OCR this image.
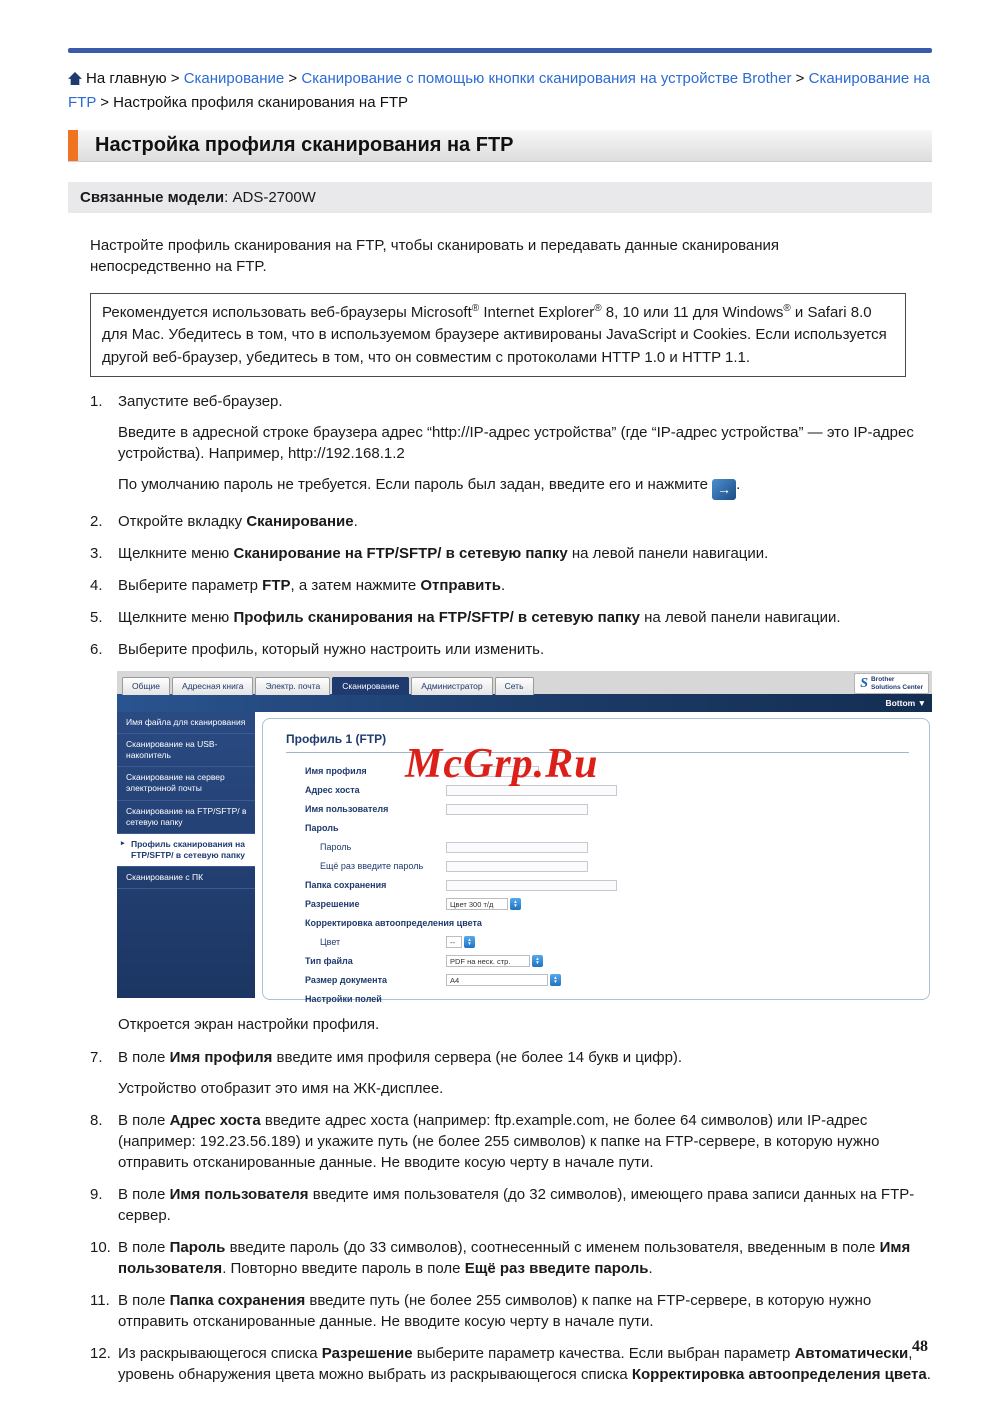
На главную > Сканирование > Сканирование с помощью кнопки сканирования на устройстве Brother > Сканирование на FTP > Настройка профиля сканирования на FTP
Настройка профиля сканирования на FTP
Связанные модели: ADS-2700W

Настройте профиль сканирования на FTP, чтобы сканировать и передавать данные сканирования непосредственно на FTP.

Рекомендуется использовать веб-браузеры Microsoft® Internet Explorer® 8, 10 или 11 для Windows® и Safari 8.0 для Mac. Убедитесь в том, что в используемом браузере активированы JavaScript и Cookies. Если используется другой веб-браузер, убедитесь в том, что он совместим с протоколами HTTP 1.0 и HTTP 1.1.
1.	Запустите веб-браузер.

Введите в адресной строке браузера адрес “http://IP-адрес устройства” (где “IP-адрес устройства” — это IP-адрес устройства). Например, http://192.168.1.2

По умолчанию пароль не требуется. Если пароль был задан, введите его и нажмите → .

2.	Откройте вкладку Сканирование.

3.	Щелкните меню Сканирование на FTP/SFTP/ в сетевую папку на левой панели навигации.

4.	Выберите параметр FTP, а затем нажмите Отправить.

5.	Щелкните меню Профиль сканирования на FTP/SFTP/ в сетевую папку на левой панели навигации.

6.	Выберите профиль, который нужно настроить или изменить.

Общие	Адресная книга	Электр. почта	Сканирование	Администратор	Сеть	S Brother
Solutions Center
Bottom ▼
Имя файла для сканирования
Сканирование на USB-накопитель
Сканирование на сервер электронной почты
Сканирование на FTP/SFTP/ в сетевую папку
▸ Профиль сканирования на FTP/SFTP/ в сетевую папку
Сканирование с ПК
Профиль 1 (FTP)
Имя профиля
Адрес хоста
Имя пользователя
Пароль
Пароль
Ещё раз введите пароль
Папка сохранения
Разрешение	Цвет 300 т/д	▲
▼
Корректировка автоопределения цвета
Цвет	--	▲
▼
Тип файла	PDF на неск. стр.	▲
▼
Размер документа	A4	▲
▼
Настройки полей
McGrp.Ru

Откроется экран настройки профиля.

7.	В поле Имя профиля введите имя профиля сервера (не более 14 букв и цифр).

Устройство отобразит это имя на ЖК-дисплее.

8.	В поле Адрес хоста введите адрес хоста (например: ftp.example.com, не более 64 символов) или IP-адрес (например: 192.23.56.189) и укажите путь (не более 255 символов) к папке на FTP-сервере, в которую нужно отправить отсканированные данные. Не вводите косую черту в начале пути.

9.	В поле Имя пользователя введите имя пользователя (до 32 символов), имеющего права записи данных на FTP-сервер.

10. В поле Пароль введите пароль (до 33 символов), соотнесенный с именем пользователя, введенным в поле Имя пользователя. Повторно введите пароль в поле Ещё раз введите пароль.

11. В поле Папка сохранения введите путь (не более 255 символов) к папке на FTP-сервере, в которую нужно отправить отсканированные данные. Не вводите косую черту в начале пути.

12. Из раскрывающегося списка Разрешение выберите параметр качества. Если выбран параметр Автоматически, уровень обнаружения цвета можно выбрать из раскрывающегося списка Корректировка автоопределения цвета.

48
